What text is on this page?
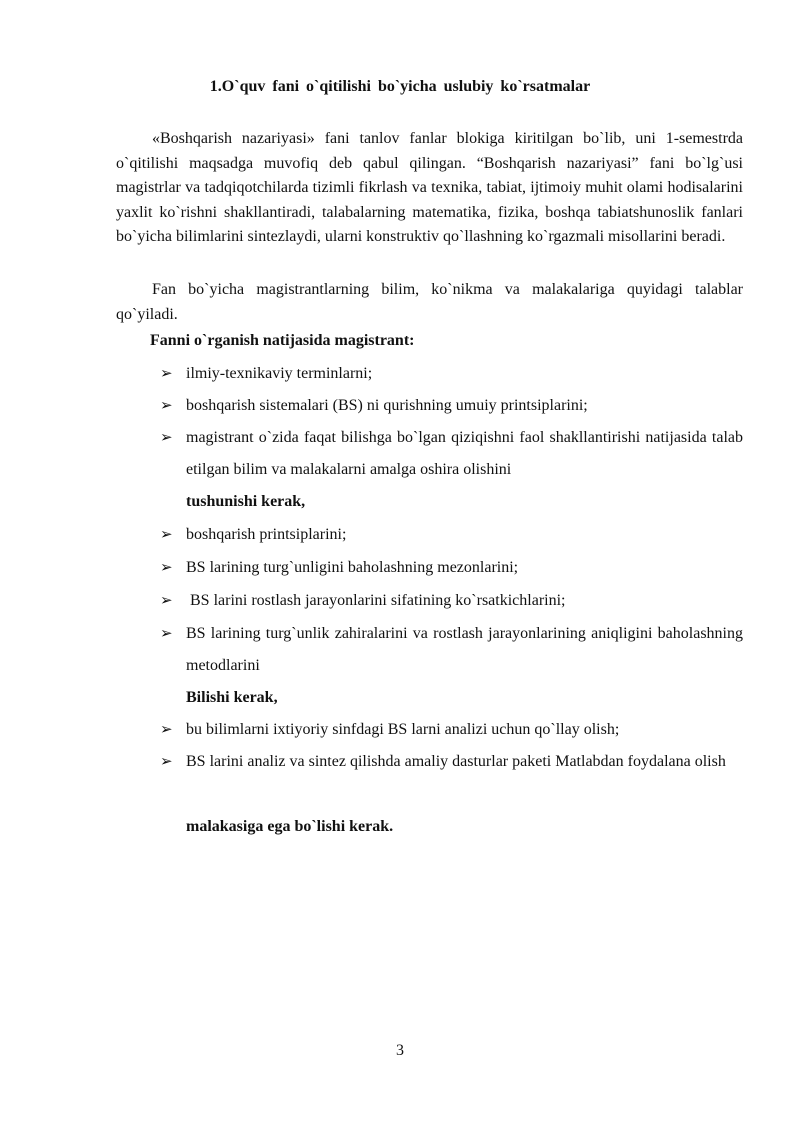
1.O`quv fani o`qitilishi bo`yicha uslubiy ko`rsatmalar

«Boshqarish nazariyasi» fani tanlov fanlar blokiga kiritilgan bo`lib, uni 1-semestrda o`qitilishi maqsadga muvofiq deb qabul qilingan. “Boshqarish nazariyasi” fani bo`lg`usi magistrlar va tadqiqotchilarda tizimli fikrlash va texnika, tabiat, ijtimoiy muhit olami hodisalarini yaxlit ko`rishni shakllantiradi, talabalarning matematika, fizika, boshqa tabiatshunoslik fanlari bo`yicha bilimlarini sintezlaydi, ularni konstruktiv qo`llashning ko`rgazmali misollarini beradi.

Fan bo`yicha magistrantlarning bilim, ko`nikma va malakalariga quyidagi talablar qo`yiladi.

Fanni o`rganish natijasida magistrant:
➢ ilmiy-texnikaviy terminlarni;
➢ boshqarish sistemalari (BS) ni qurishning umuiy printsiplarini;
➢ magistrant o`zida faqat bilishga bo`lgan qiziqishni faol shakllantirishi natijasida talab etilgan bilim va malakalarni amalga oshira olishini
tushunishi kerak,
➢ boshqarish printsiplarini;
➢ BS larining turg`unligini baholashning mezonlarini;
➢ BS larini rostlash jarayonlarini sifatining ko`rsatkichlarini;
➢ BS larining turg`unlik zahiralarini va rostlash jarayonlarining aniqligini baholashning metodlarini
Bilishi kerak,
➢ bu bilimlarni ixtiyoriy sinfdagi BS larni analizi uchun qo`llay olish;
➢ BS larini analiz va sintez qilishda amaliy dasturlar paketi Matlabdan foydalana olish
malakasiga ega bo`lishi kerak.
3
